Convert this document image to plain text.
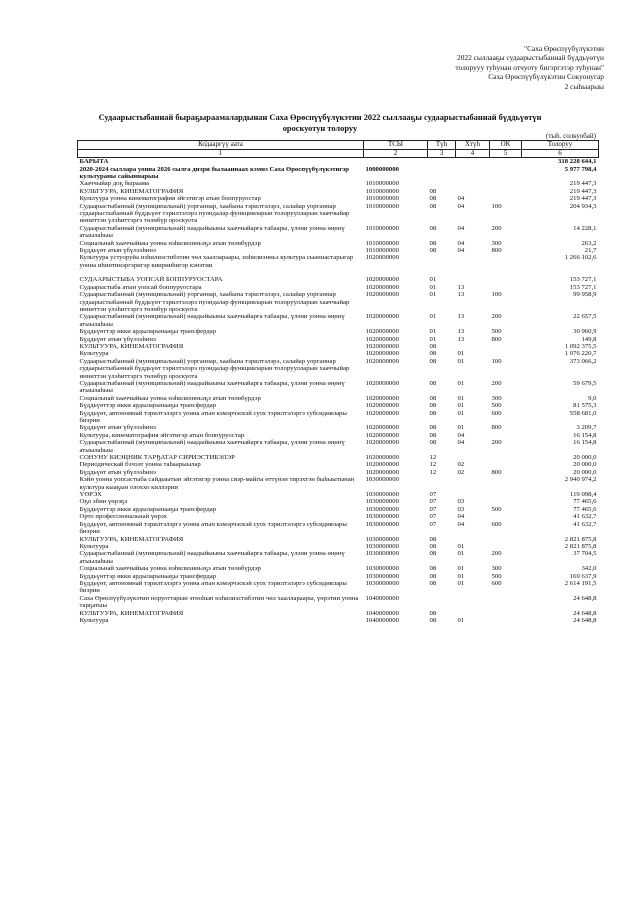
"Саха Өрөспүүбүлүкэтин
2022 сыллааҕы судаарыстыбаннай бүддьүөтүн
толорууу туһунан отчуоту бигэргэтэр туһунан"
Саха Өрөспүүбүлүкэтин Сокуонугар
2 сыһыарыы
Судаарыстыбаннай быраҕыраамалардынан Саха Өрөспүүбүлүкэтин 2022 сыллааҕы судаарыстыбаннай бүддьүөтүн
ороскуотун толоруу
(тыһ. солкуобай)
Ко̄дааргүү аата	ТСЫ	Түһ	Хтүһ	ОК	Толоруу
1	2	3	4	5	6
БАРЫТА					318 228 644,1
2020-2024 сыллара уонна 2026 сылга диэри былааннаах кэмнэ Саха Өрөспүүбүлүкэтигэр культураны сайыннарыы	1000000000				5 977 798,4
Хааччыйар доҕ быраама	1010000000				219 447,3
КУЛЬТУУРА, КИНЕМАТОГРАФИЯ	1010000000	08			219 447,3
Культуура уонна кинематография эйгэтигэр атын боппуруостар	1010000000	08	04		219 447,3
Судаарыстыбаннай (муниципальнай) уорганнар, хаабына тэрилтэлэрэ, салайар уорганнар судаарыстыбаннай бүддьүөт тэрилтэлэрэ пуондалар функцияларын толоруулларын хааччыйар инниттэн үлэһиттэргэ төлөбүр ороскуота	1010000000	08	04	100	204 934,3
Судаарыстыбаннай (муниципальнай) наадыйыыны хааччыйарга табаары, үлэни уонна өңөнү атыылаһыы	1010000000	08	04	200	14 228,1
Социальнай хааччыйыы уонна нэһилиэнньэҕэ атын төлөбүрдэр	1010000000	08	04	300	263,2
Бүддьүөт атын үбүлээһинэ	1010000000	08	04	800	21,7
Культуура устуоруйа нэһилиэстибэтин чөл хааллараары, нэһилиэнньэ культура сыаннастарыгар уонна иһинтинэргэригэр киирииһигэр кэнэтии	1020000000				1 266 102,6

СУДААРЫСТЫБА УОПСАЙ БОППУРУОСТАРА	1020000000	01			153 727,1
Судаарыстыба атын уопсай боппуруостара	1020000000	01	13		153 727,1
Судаарыстыбаннай (муниципальнай) уорганнар, хаабына тэрилтэлэрэ, салайар уорганнар судаарыстыбаннай бүддьүөт тэрилтэлэрэ пуондалар функцияларын толоруулларын хааччыйар инниттэн үлэһиттэргэ төлөбүр ороскуота	1020000000	01	13	100	99 958,9
Судаарыстыбаннай (муниципальнай) наадыйыыны хааччыйарга табаары, үлэни уонна өңөнү атыылаһыы	1020000000	01	13	200	22 657,5
Бүддьүөттэр икки ардыларынааҕы трансфердар	1020000000	01	13	500	30 960,9
Бүддьүөт атын үбүлээһинэ	1020000000	01	13	800	149,8
КУЛЬТУУРА, КИНЕМАТОГРАФИЯ	1020000000	08			1 092 375,5
Культуура	1020000000	08	01		1 076 220,7
Судаарыстыбаннай (муниципальнай) уорганнар, хаабына тэрилтэлэрэ, салайар уорганнар судаарыстыбаннай бүддьүөт тэрилтэлэрэ пуондалар функцияларын толоруулларын хааччыйар инниттэн үлэһиттэргэ төлөбүр ороскуота	1020000000	08	01	100	373 066,2
Судаарыстыбаннай (муниципальнай) наадыйыыны хааччыйарга табаары, үлэни уонна өңөнү атыылаһыы	1020000000	08	01	200	59 679,5
Социальнай хааччыйыы уонна нэһилиэнньэҕэ атын төлөбүрдэр	1020000000	08	01	300	9,0
Бүддьүөттэр икки ардыларынааҕы трансфердар	1020000000	08	01	500	81 575,3
Бүддьүөт, автономнай тэрилтэлэргэ уонна атын кэмэрчэскэй суох тэрилтэлэргэ субсидиялары биэрии	1020000000	08	01	600	558 681,0
Бүддьүөт атын үбүлээһинэ	1020000000	08	01	800	3 209,7
Культуура, кинематография эйгэтигэр атын боппуруостар	1020000000	08	04		16 154,8
Судаарыстыбаннай (муниципальнай) наадыйыыны хааччыйарга табаары, үлэни уонна өңөнү атыылаһыы	1020000000	08	04	200	16 154,8
СОНУНУ КИЭҢНИК ТАРҔАТАР СИРИЭСТИБЭЛЭР	1020000000	12			20 000,0
Периодическай бэчээт уонна таһаарыылар	1020000000	12	02		20 000,0
Бүддьүөт атын үбүлээһинэ	1020000000	12	02	800	20 000,0
Кэйн уонна уопсастыба сайдыытын эйгэтигэр уонна сиэр-майгы өттүнэн тирэхтэн быһыытынан культура кыаҕын олоххо киллэрии	1030000000				2 940 974,2
ҮӨРЭХ	1030000000	07			119 098,4
Оҕо эбии үөрэҕэ	1030000000	07	03		77 465,6
Бүддьүөттэр икки ардыларынааҕы трансфердар	1030000000	07	03	500	77 465,6
Орто профессиональнай үөрэх	1030000000	07	04		41 632,7
Бүддьүөт, автономнай тэрилтэлэргэ уонна атын кэмэрчэскэй суох тэрилтэлэргэ субсидиялары биэрии	1030000000	07	04	600	41 632,7
КУЛЬТУУРА, КИНЕМАТОГРАФИЯ	1030000000	08			2 821 875,8
Культуура	1030000000	08	01		2 821 875,8
Судаарыстыбаннай (муниципальнай) наадыйыыны хааччыйарга табаары, үлэни уонна өңөнү атыылаһыы	1030000000	08	01	200	37 704,5
Социальнай хааччыйыы уонна нэһилиэнньэҕэ атын төлөбүрдэр	1030000000	08	01	300	342,0
Бүддьүөттэр икки ардыларынааҕы трансфердар	1030000000	08	01	500	169 637,9
Бүддьүөт, автономнай тэрилтэлэргэ уонна атын кэмэрчэскэй суох тэрилтэлэргэ субсидиялары биэрии	1030000000	08	01	600	2 614 191,5
Саха Өрөспүүбүлүкэтин норуоттарын этноһын нэһилиэстибэтин чөл хааллараары, үөрэтии уонна тарҕатыы	1040000000				24 648,8
КУЛЬТУУРА, КИНЕМАТОГРАФИЯ	1040000000	08			24 648,8
Культуура	1040000000	08	01		24 648,8
